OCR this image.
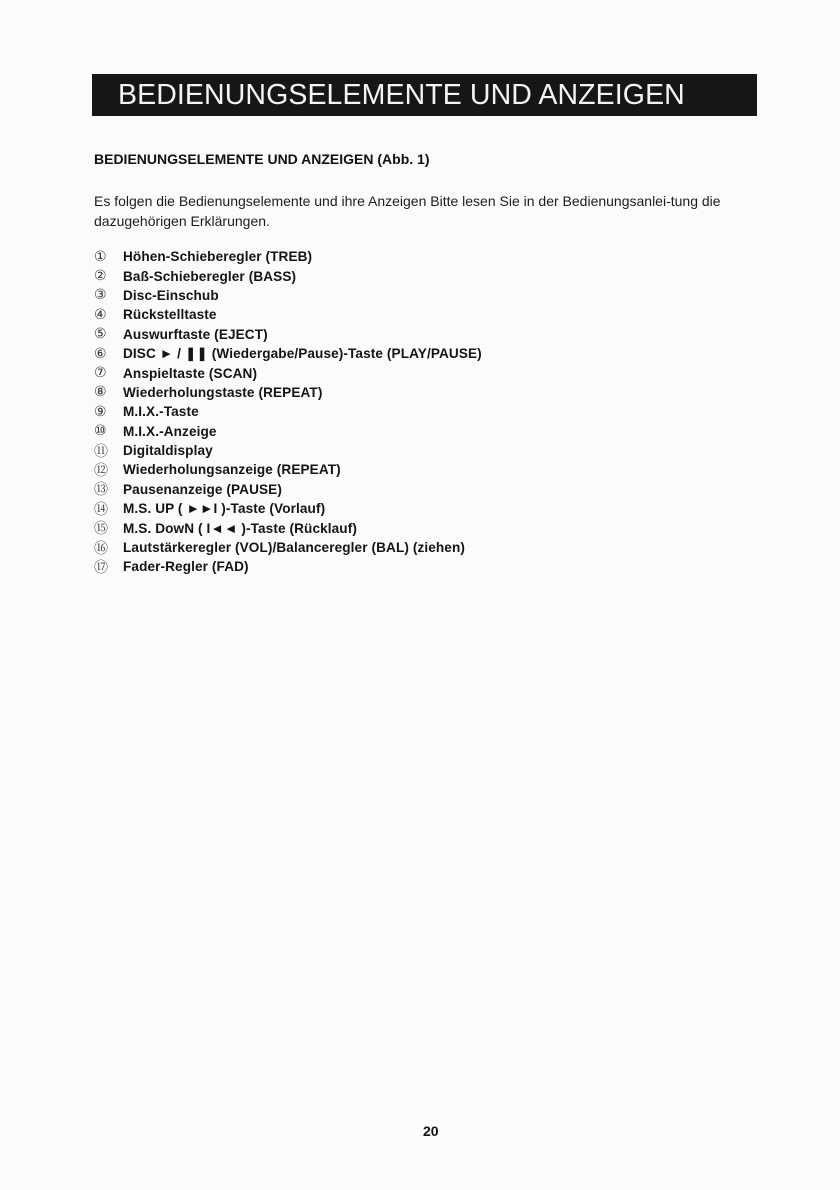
BEDIENUNGSELEMENTE UND ANZEIGEN
BEDIENUNGSELEMENTE UND ANZEIGEN (Abb. 1)

Es folgen die Bedienungselemente und ihre Anzeigen Bitte lesen Sie in der Bedienungsanlei-tung die dazugehörigen Erklärungen.

①	Höhen-Schieberegler (TREB)
②	Baß-Schieberegler (BASS)
③	Disc-Einschub
④	Rückstelltaste
⑤	Auswurftaste (EJECT)
⑥	DISC ► / ❚❚ (Wiedergabe/Pause)-Taste (PLAY/PAUSE)
⑦	Anspieltaste (SCAN)
⑧	Wiederholungstaste (REPEAT)
⑨	M.I.X.-Taste
⑩	M.I.X.-Anzeige
⑪	Digitaldisplay
⑫	Wiederholungsanzeige (REPEAT)
⑬	Pausenanzeige (PAUSE)
⑭	M.S. UP ( ►►I )-Taste (Vorlauf)
⑮	M.S. DowN ( I◄◄ )-Taste (Rücklauf)
⑯	Lautstärkeregler (VOL)/Balanceregler (BAL) (ziehen)
⑰	Fader-Regler (FAD)
20
